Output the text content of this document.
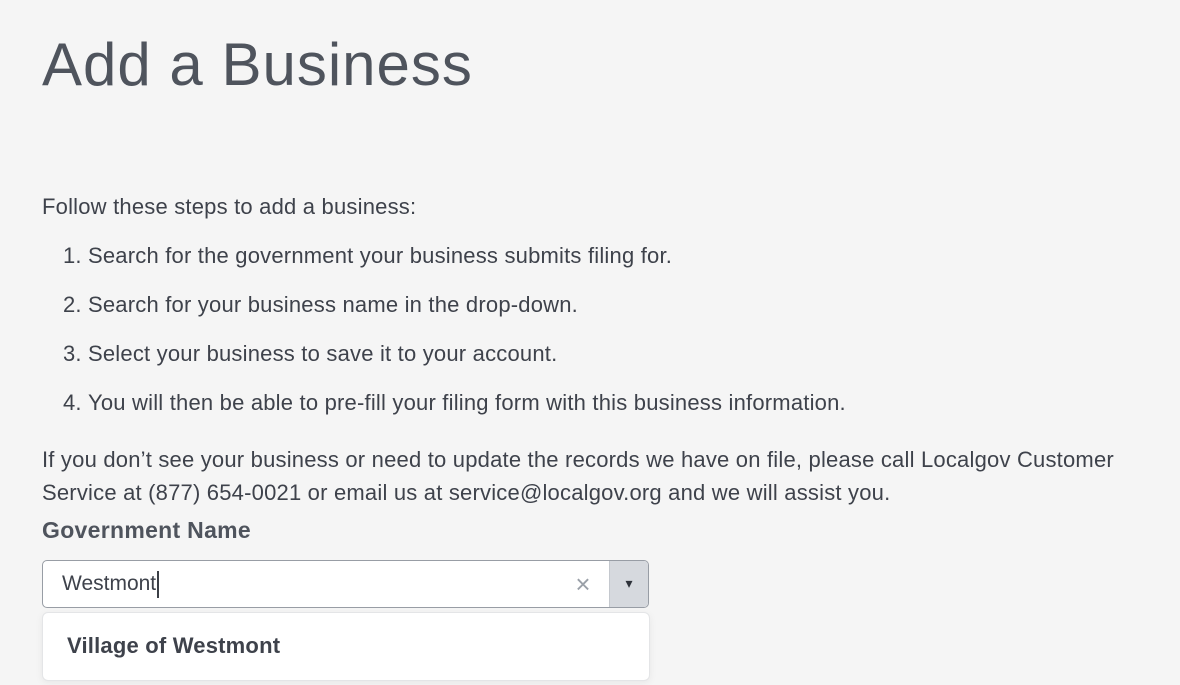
Add a Business

Follow these steps to add a business:

1. Search for the government your business submits filing for.
2. Search for your business name in the drop-down.
3. Select your business to save it to your account.
4. You will then be able to pre-fill your filing form with this business information.
If you don’t see your business or need to update the records we have on file, please call Localgov Customer
Service at (877) 654-0021 or email us at service@localgov.org and we will assist you.
Government Name
Westmont	×	▾
Village of Westmont
